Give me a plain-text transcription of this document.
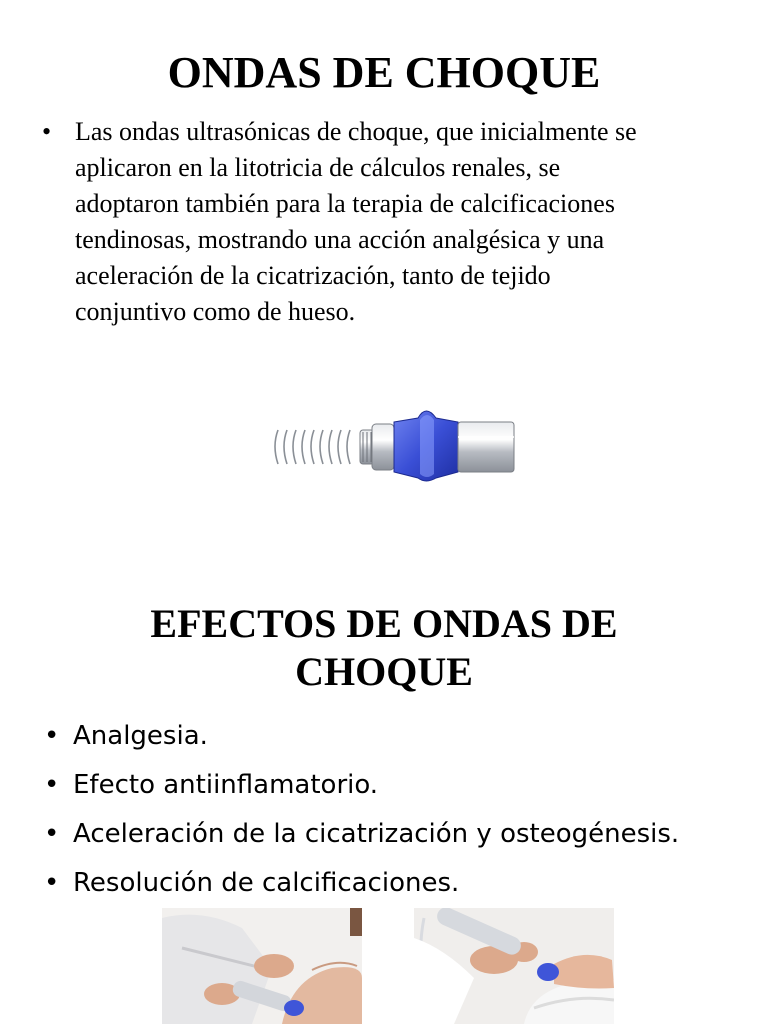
ONDAS DE CHOQUE
• Las ondas ultrasónicas de choque, que inicialmente se
aplicaron en la litotricia de cálculos renales, se
adoptaron también para la terapia de calcificaciones
tendinosas, mostrando una acción analgésica y una
aceleración de la cicatrización, tanto de tejido
conjuntivo como de hueso.
EFECTOS DE ONDAS DE
CHOQUE
• Analgesia.
• Efecto antiinflamatorio.
• Aceleración de la cicatrización y osteogénesis.
• Resolución de calcificaciones.
